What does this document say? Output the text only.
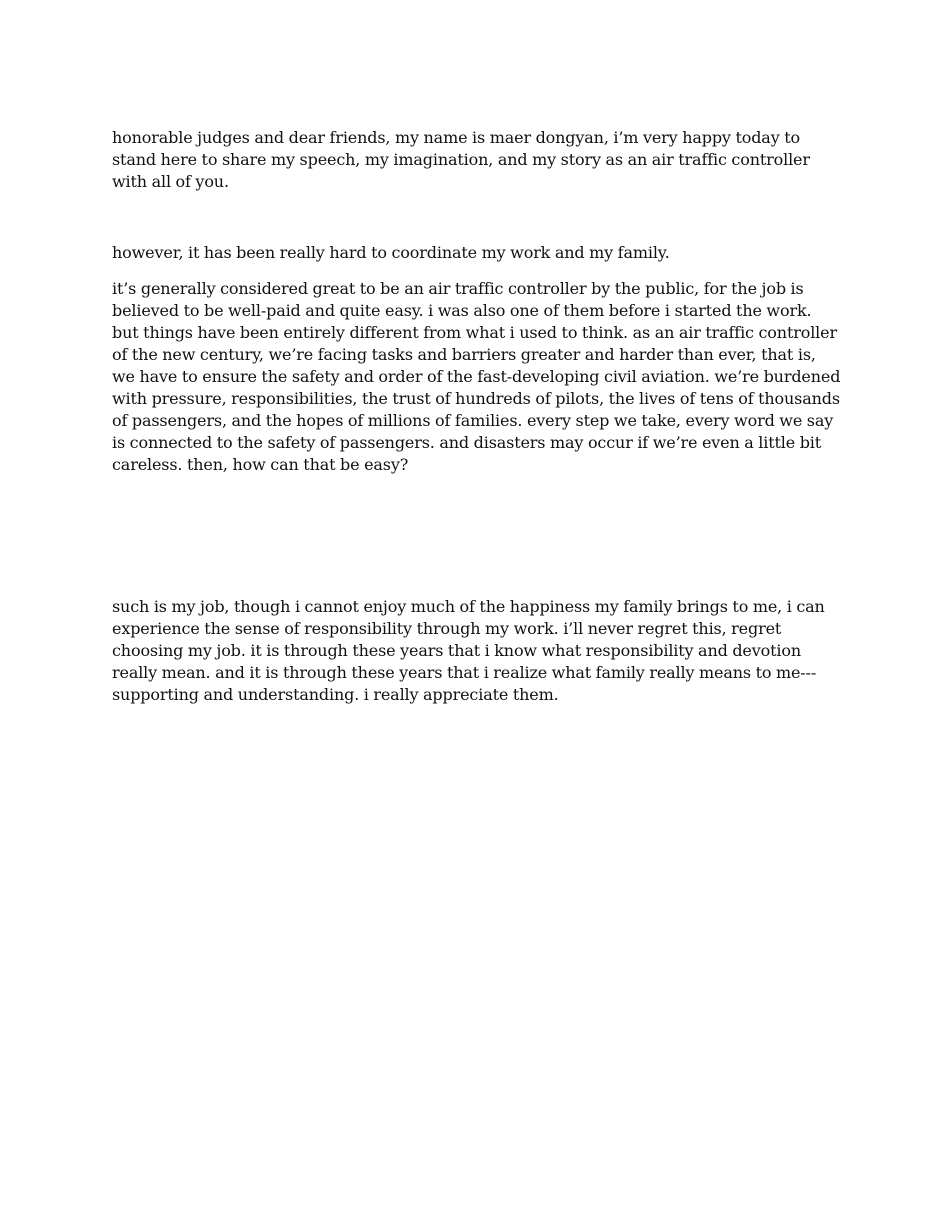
honorable judges and dear friends, my name is maer dongyan, i’m very happy today to stand here to share my speech, my imagination, and my story as an air traffic controller with all of you.

however, it has been really hard to coordinate my work and my family.

it’s generally considered great to be an air traffic controller by the public, for the job is believed to be well-paid and quite easy. i was also one of them before i started the work. but things have been entirely different from what i used to think. as an air traffic controller of the new century, we’re facing tasks and barriers greater and harder than ever, that is, we have to ensure the safety and order of the fast-developing civil aviation. we’re burdened with pressure, responsibilities, the trust of hundreds of pilots, the lives of tens of thousands of passengers, and the hopes of millions of families. every step we take, every word we say is connected to the safety of passengers. and disasters may occur if we’re even a little bit careless. then, how can that be easy?

such is my job, though i cannot enjoy much of the happiness my family brings to me, i can experience the sense of responsibility through my work. i’ll never regret this, regret choosing my job. it is through these years that i know what responsibility and devotion really mean. and it is through these years that i realize what family really means to me---supporting and understanding. i really appreciate them.
